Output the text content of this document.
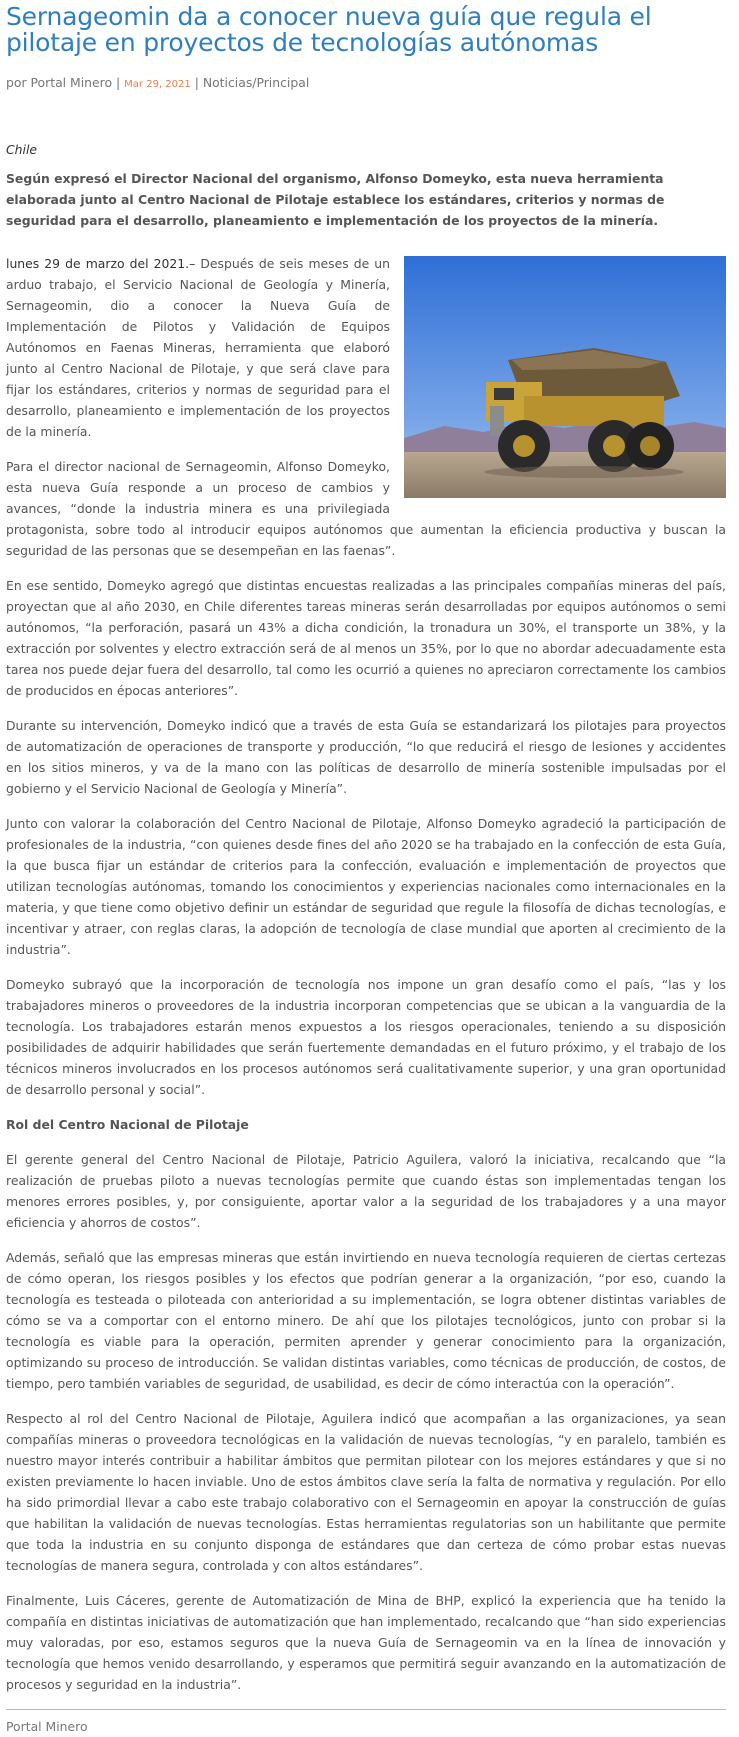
Sernageomin da a conocer nueva guía que regula el pilotaje en proyectos de tecnologías autónomas
por Portal Minero | Mar 29, 2021 | Noticias/Principal
Chile
Según expresó el Director Nacional del organismo, Alfonso Domeyko, esta nueva herramienta elaborada junto al Centro Nacional de Pilotaje establece los estándares, criterios y normas de seguridad para el desarrollo, planeamiento e implementación de los proyectos de la minería.

lunes 29 de marzo del 2021.– Después de seis meses de un arduo trabajo, el Servicio Nacional de Geología y Minería, Sernageomin, dio a conocer la Nueva Guía de Implementación de Pilotos y Validación de Equipos Autónomos en Faenas Mineras, herramienta que elaboró junto al Centro Nacional de Pilotaje, y que será clave para fijar los estándares, criterios y normas de seguridad para el desarrollo, planeamiento e implementación de los proyectos de la minería.

Para el director nacional de Sernageomin, Alfonso Domeyko, esta nueva Guía responde a un proceso de cambios y avances, “donde la industria minera es una privilegiada protagonista, sobre todo al introducir equipos autónomos que aumentan la eficiencia productiva y buscan la seguridad de las personas que se desempeñan en las faenas”.

En ese sentido, Domeyko agregó que distintas encuestas realizadas a las principales compañías mineras del país, proyectan que al año 2030, en Chile diferentes tareas mineras serán desarrolladas por equipos autónomos o semi autónomos, “la perforación, pasará un 43% a dicha condición, la tronadura un 30%, el transporte un 38%, y la extracción por solventes y electro extracción será de al menos un 35%, por lo que no abordar adecuadamente esta tarea nos puede dejar fuera del desarrollo, tal como les ocurrió a quienes no apreciaron correctamente los cambios de producidos en épocas anteriores”.

Durante su intervención, Domeyko indicó que a través de esta Guía se estandarizará los pilotajes para proyectos de automatización de operaciones de transporte y producción, “lo que reducirá el riesgo de lesiones y accidentes en los sitios mineros, y va de la mano con las políticas de desarrollo de minería sostenible impulsadas por el gobierno y el Servicio Nacional de Geología y Minería”.

Junto con valorar la colaboración del Centro Nacional de Pilotaje, Alfonso Domeyko agradeció la participación de profesionales de la industria, “con quienes desde fines del año 2020 se ha trabajado en la confección de esta Guía, la que busca fijar un estándar de criterios para la confección, evaluación e implementación de proyectos que utilizan tecnologías autónomas, tomando los conocimientos y experiencias nacionales como internacionales en la materia, y que tiene como objetivo definir un estándar de seguridad que regule la filosofía de dichas tecnologías, e incentivar y atraer, con reglas claras, la adopción de tecnología de clase mundial que aporten al crecimiento de la industria”.

Domeyko subrayó que la incorporación de tecnología nos impone un gran desafío como el país, “las y los trabajadores mineros o proveedores de la industria incorporan competencias que se ubican a la vanguardia de la tecnología. Los trabajadores estarán menos expuestos a los riesgos operacionales, teniendo a su disposición posibilidades de adquirir habilidades que serán fuertemente demandadas en el futuro próximo, y el trabajo de los técnicos mineros involucrados en los procesos autónomos será cualitativamente superior, y una gran oportunidad de desarrollo personal y social”.

Rol del Centro Nacional de Pilotaje

El gerente general del Centro Nacional de Pilotaje, Patricio Aguilera, valoró la iniciativa, recalcando que “la realización de pruebas piloto a nuevas tecnologías permite que cuando éstas son implementadas tengan los menores errores posibles, y, por consiguiente, aportar valor a la seguridad de los trabajadores y a una mayor eficiencia y ahorros de costos”.

Además, señaló que las empresas mineras que están invirtiendo en nueva tecnología requieren de ciertas certezas de cómo operan, los riesgos posibles y los efectos que podrían generar a la organización, “por eso, cuando la tecnología es testeada o piloteada con anterioridad a su implementación, se logra obtener distintas variables de cómo se va a comportar con el entorno minero. De ahí que los pilotajes tecnológicos, junto con probar si la tecnología es viable para la operación, permiten aprender y generar conocimiento para la organización, optimizando su proceso de introducción. Se validan distintas variables, como técnicas de producción, de costos, de tiempo, pero también variables de seguridad, de usabilidad, es decir de cómo interactúa con la operación”.

Respecto al rol del Centro Nacional de Pilotaje, Aguilera indicó que acompañan a las organizaciones, ya sean compañías mineras o proveedora tecnológicas en la validación de nuevas tecnologías, “y en paralelo, también es nuestro mayor interés contribuir a habilitar ámbitos que permitan pilotear con los mejores estándares y que si no existen previamente lo hacen inviable. Uno de estos ámbitos clave sería la falta de normativa y regulación. Por ello ha sido primordial llevar a cabo este trabajo colaborativo con el Sernageomin en apoyar la construcción de guías que habilitan la validación de nuevas tecnologías. Estas herramientas regulatorias son un habilitante que permite que toda la industria en su conjunto disponga de estándares que dan certeza de cómo probar estas nuevas tecnologías de manera segura, controlada y con altos estándares”.

Finalmente, Luis Cáceres, gerente de Automatización de Mina de BHP, explicó la experiencia que ha tenido la compañía en distintas iniciativas de automatización que han implementado, recalcando que “han sido experiencias muy valoradas, por eso, estamos seguros que la nueva Guía de Sernageomin va en la línea de innovación y tecnología que hemos venido desarrollando, y esperamos que permitirá seguir avanzando en la automatización de procesos y seguridad en la industria”.

Portal Minero
